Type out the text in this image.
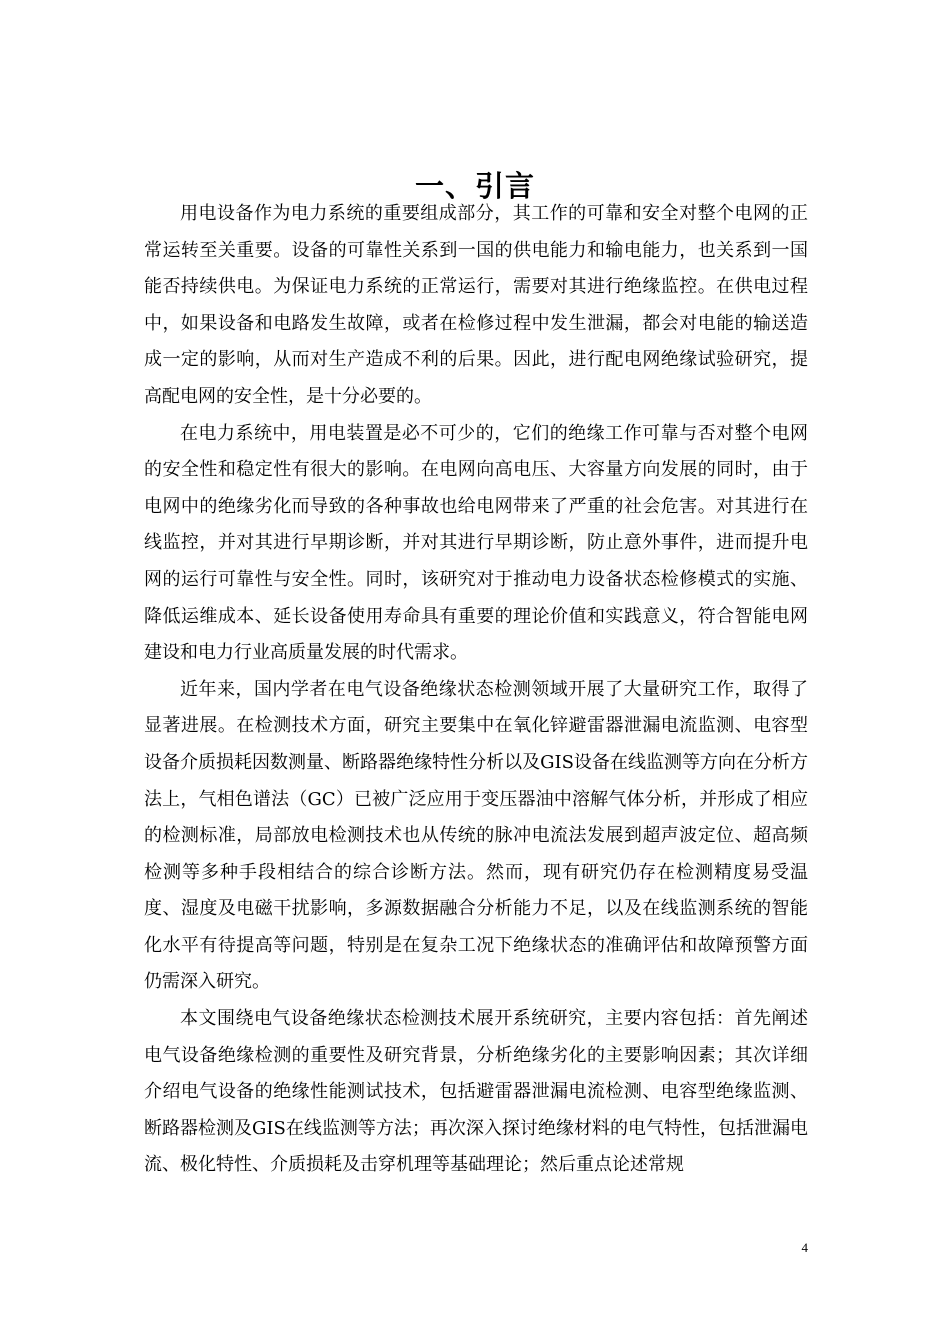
一、引言

用电设备作为电力系统的重要组成部分，其工作的可靠和安全对整个电网的正常运转至关重要。设备的可靠性关系到一国的供电能力和输电能力，也关系到一国能否持续供电。为保证电力系统的正常运行，需要对其进行绝缘监控。在供电过程中，如果设备和电路发生故障，或者在检修过程中发生泄漏，都会对电能的输送造成一定的影响，从而对生产造成不利的后果。因此，进行配电网绝缘试验研究，提高配电网的安全性，是十分必要的。

在电力系统中，用电装置是必不可少的，它们的绝缘工作可靠与否对整个电网的安全性和稳定性有很大的影响。在电网向高电压、大容量方向发展的同时，由于电网中的绝缘劣化而导致的各种事故也给电网带来了严重的社会危害。对其进行在线监控，并对其进行早期诊断，并对其进行早期诊断，防止意外事件，进而提升电网的运行可靠性与安全性。同时，该研究对于推动电力设备状态检修模式的实施、降低运维成本、延长设备使用寿命具有重要的理论价值和实践意义，符合智能电网建设和电力行业高质量发展的时代需求。

近年来，国内学者在电气设备绝缘状态检测领域开展了大量研究工作，取得了显著进展。在检测技术方面，研究主要集中在氧化锌避雷器泄漏电流监测、电容型设备介质损耗因数测量、断路器绝缘特性分析以及GIS设备在线监测等方向在分析方法上，气相色谱法（GC）已被广泛应用于变压器油中溶解气体分析，并形成了相应的检测标准，局部放电检测技术也从传统的脉冲电流法发展到超声波定位、超高频检测等多种手段相结合的综合诊断方法。然而，现有研究仍存在检测精度易受温度、湿度及电磁干扰影响，多源数据融合分析能力不足，以及在线监测系统的智能化水平有待提高等问题，特别是在复杂工况下绝缘状态的准确评估和故障预警方面仍需深入研究。

本文围绕电气设备绝缘状态检测技术展开系统研究，主要内容包括：首先阐述电气设备绝缘检测的重要性及研究背景，分析绝缘劣化的主要影响因素；其次详细介绍电气设备的绝缘性能测试技术，包括避雷器泄漏电流检测、电容型绝缘监测、断路器检测及GIS在线监测等方法；再次深入探讨绝缘材料的电气特性，包括泄漏电流、极化特性、介质损耗及击穿机理等基础理论；然后重点论述常规

4
